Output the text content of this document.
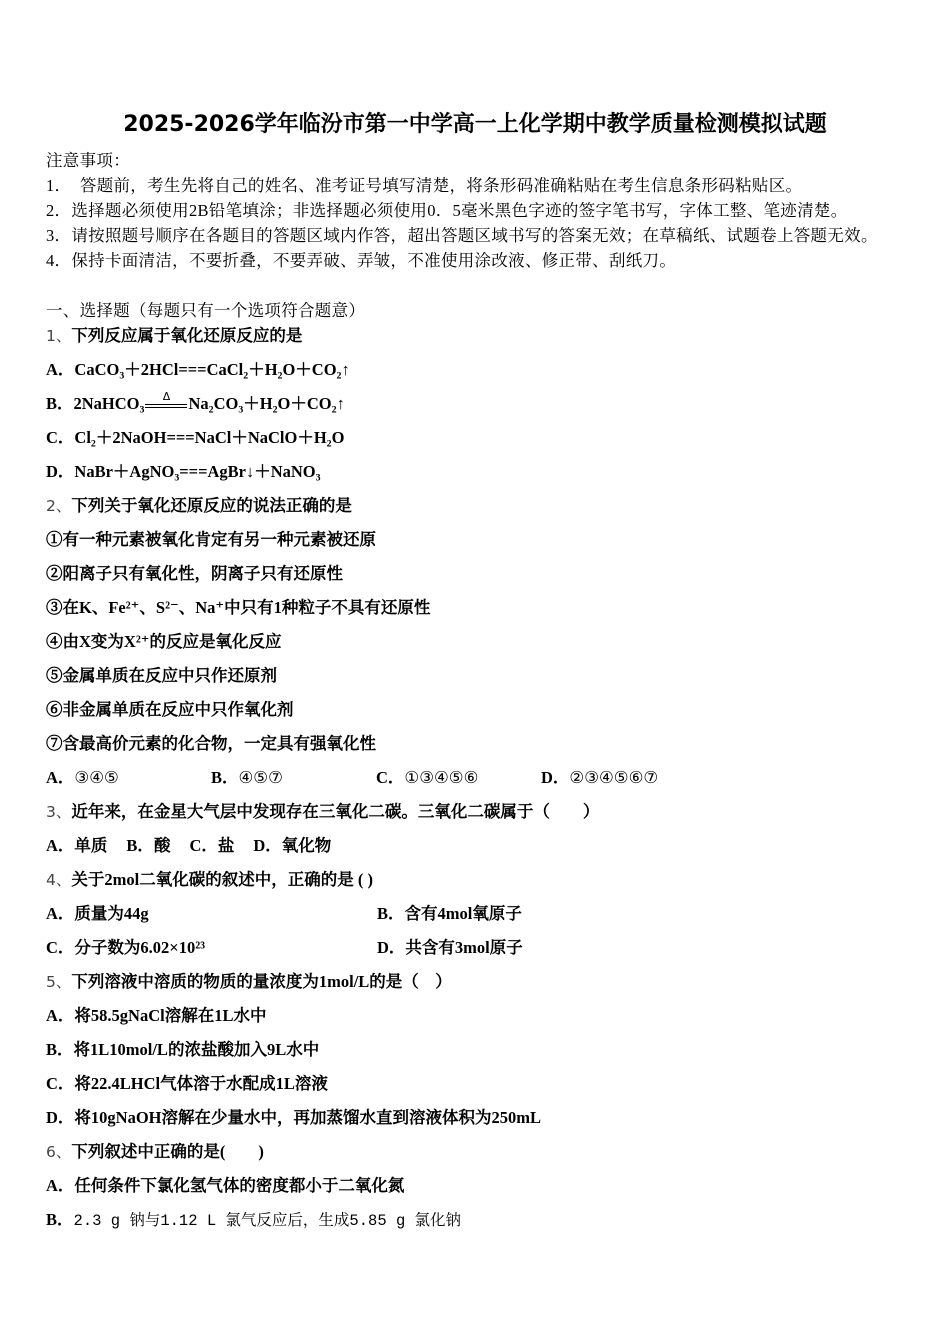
2025-2026学年临汾市第一中学高一上化学期中教学质量检测模拟试题
注意事项：
1．　答题前，考生先将自己的姓名、准考证号填写清楚，将条形码准确粘贴在考生信息条形码粘贴区。
2．选择题必须使用2B铅笔填涂；非选择题必须使用0．5毫米黑色字迹的签字笔书写，字体工整、笔迹清楚。
3．请按照题号顺序在各题目的答题区域内作答，超出答题区域书写的答案无效；在草稿纸、试题卷上答题无效。
4．保持卡面清洁，不要折叠，不要弄破、弄皱，不准使用涂改液、修正带、刮纸刀。
一、选择题（每题只有一个选项符合题意）
1、下列反应属于氧化还原反应的是
A．CaCO₃＋2HCl===CaCl₂＋H₂O＋CO₂↑
B．2NaHCO₃	Δ	Na₂CO₃＋H₂O＋CO₂↑
C．Cl₂＋2NaOH===NaCl＋NaClO＋H₂O
D．NaBr＋AgNO₃===AgBr↓＋NaNO₃
2、下列关于氧化还原反应的说法正确的是
①有一种元素被氧化肯定有另一种元素被还原
②阳离子只有氧化性，阴离子只有还原性
③在K、Fe²⁺、S²⁻、Na⁺中只有1种粒子不具有还原性
④由X变为X²⁺的反应是氧化反应
⑤金属单质在反应中只作还原剂
⑥非金属单质在反应中只作氧化剂
⑦含最高价元素的化合物，一定具有强氧化性
A．③④⑤	B．④⑤⑦	C．①③④⑤⑥	D．②③④⑤⑥⑦
3、近年来，在金星大气层中发现存在三氧化二碳。三氧化二碳属于（　　）
A．单质 B．酸 C．盐 D．氧化物
4、关于2mol二氧化碳的叙述中，正确的是 ( )
A．质量为44g	B．含有4mol氧原子
C．分子数为6.02×10²³	D．共含有3mol原子
5、下列溶液中溶质的物质的量浓度为1mol/L的是（　）
A．将58.5gNaCl溶解在1L水中
B．将1L10mol/L的浓盐酸加入9L水中
C．将22.4LHCl气体溶于水配成1L溶液
D．将10gNaOH溶解在少量水中，再加蒸馏水直到溶液体积为250mL
6、下列叙述中正确的是(　　)
A．任何条件下氯化氢气体的密度都小于二氧化氮
B．2.3 g 钠与1.12 L 氯气反应后，生成5.85 g 氯化钠
